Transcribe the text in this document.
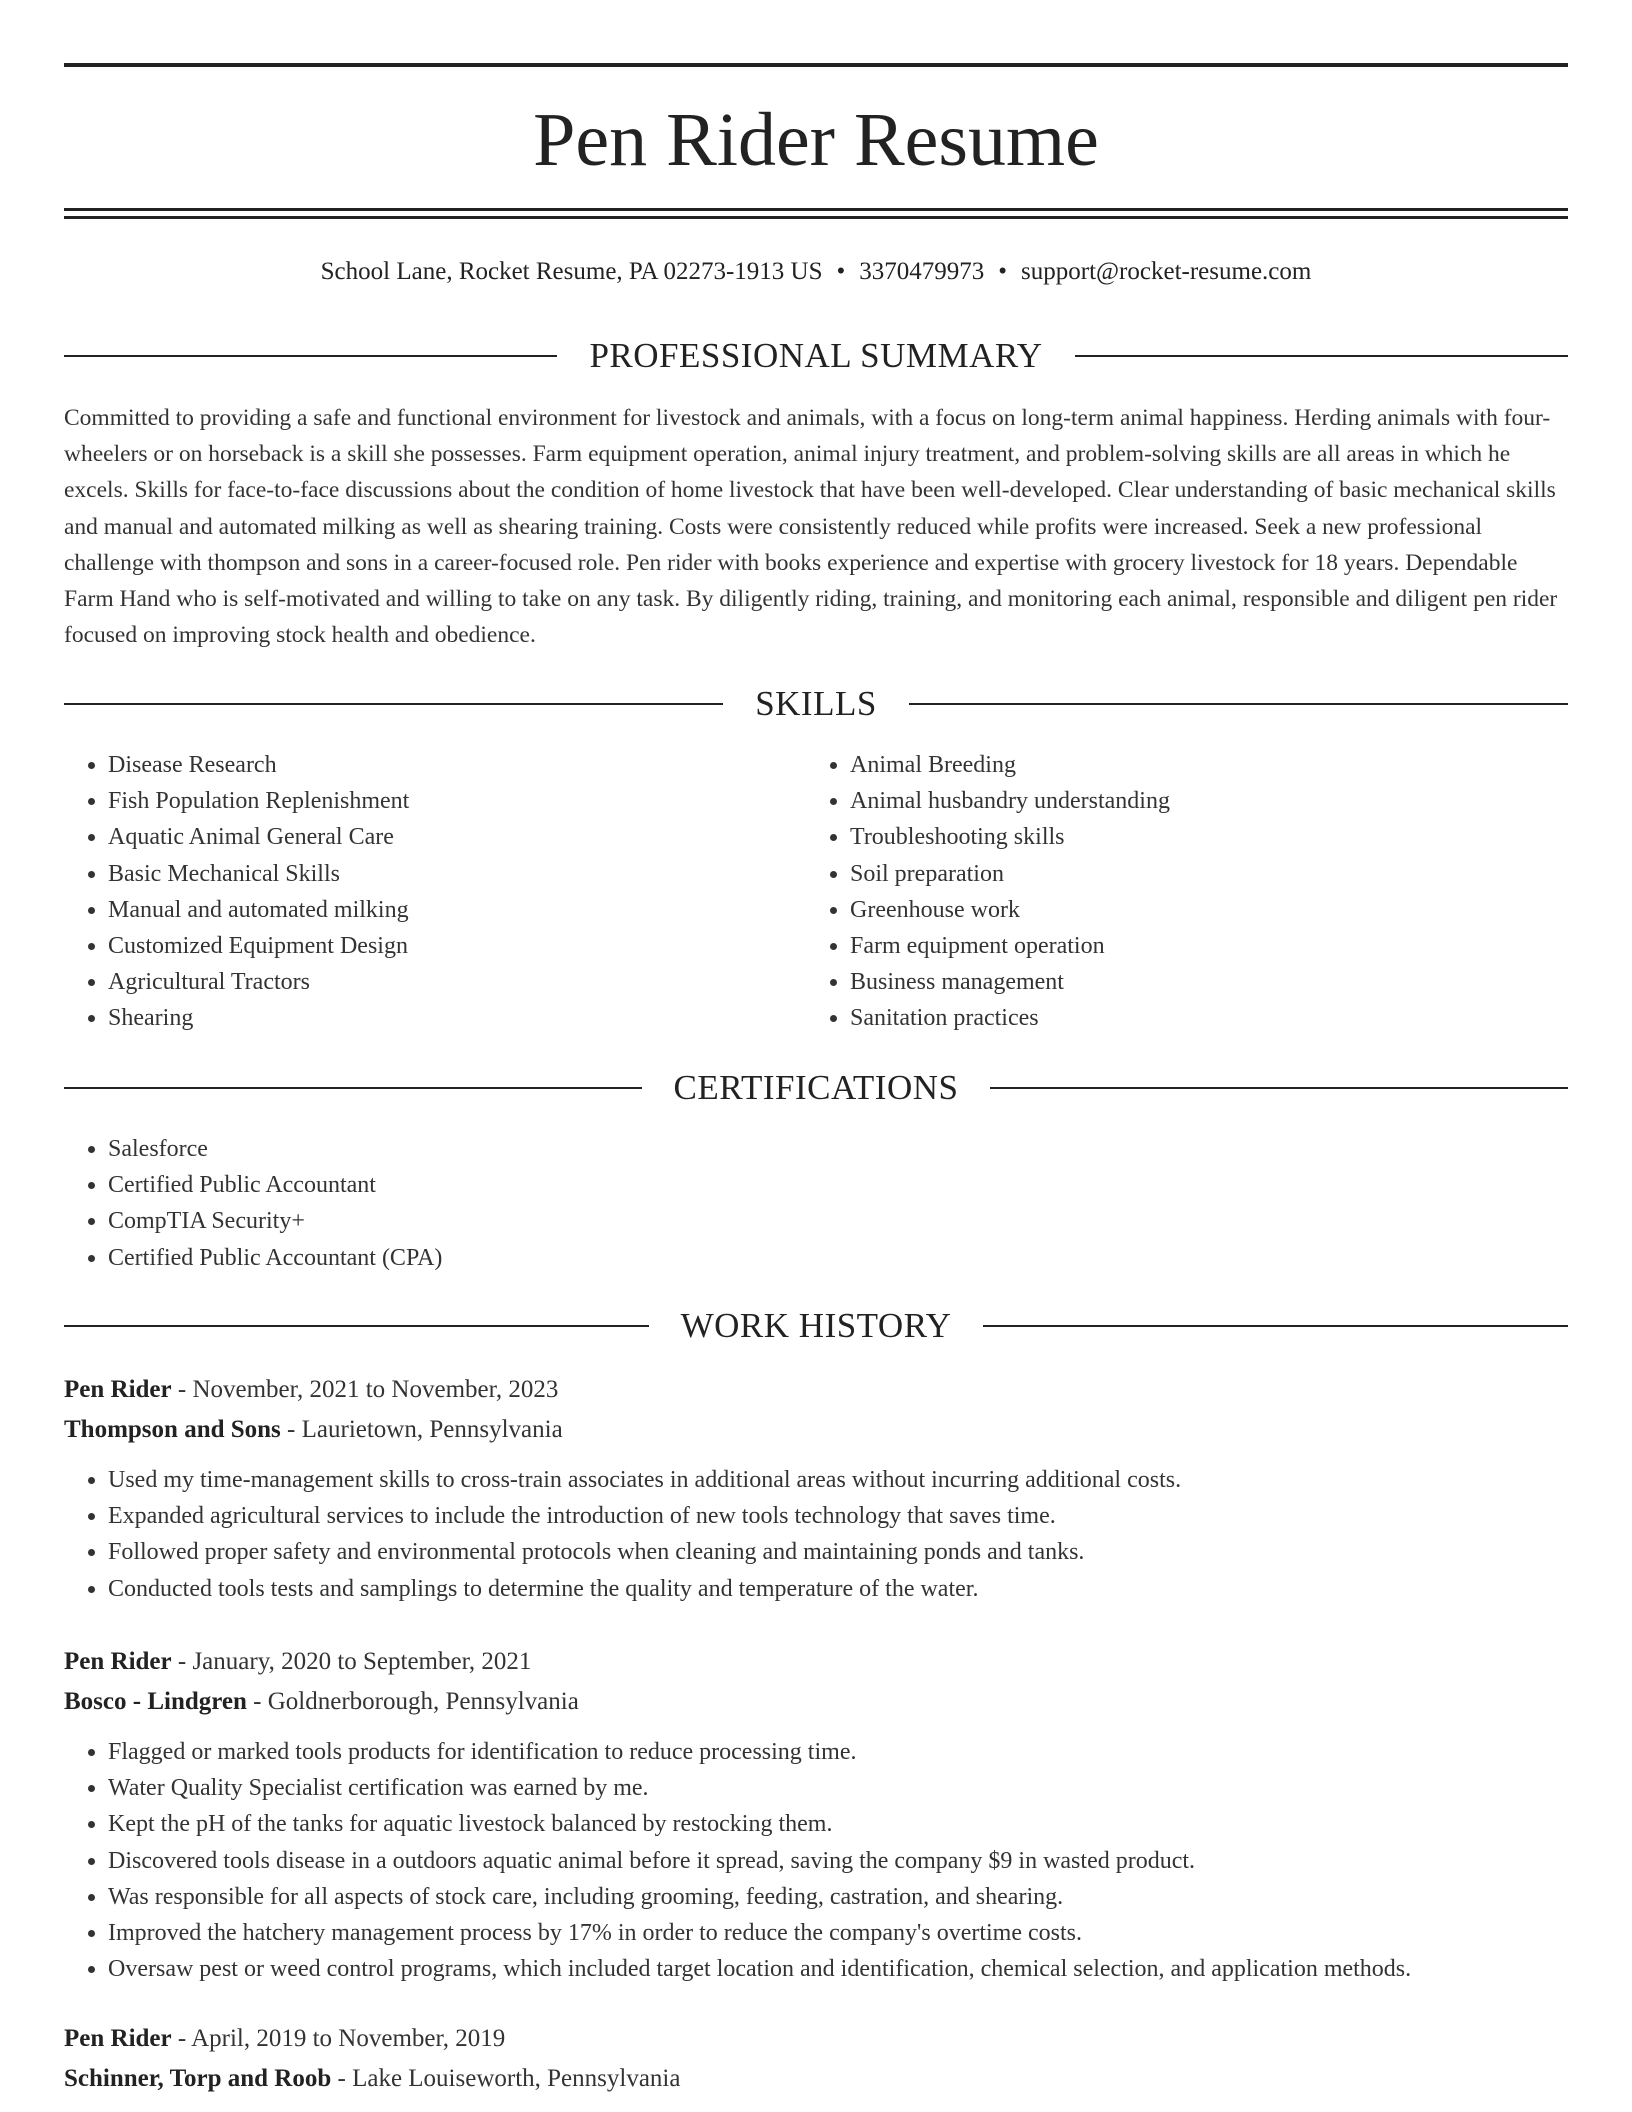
Pen Rider Resume
School Lane, Rocket Resume, PA 02273-1913 US • 3370479973 • support@rocket-resume.com
PROFESSIONAL SUMMARY

Committed to providing a safe and functional environment for livestock and animals, with a focus on long-term animal happiness. Herding animals with four-wheelers or on horseback is a skill she possesses. Farm equipment operation, animal injury treatment, and problem-solving skills are all areas in which he excels. Skills for face-to-face discussions about the condition of home livestock that have been well-developed. Clear understanding of basic mechanical skills and manual and automated milking as well as shearing training. Costs were consistently reduced while profits were increased. Seek a new professional challenge with thompson and sons in a career-focused role. Pen rider with books experience and expertise with grocery livestock for 18 years. Dependable Farm Hand who is self-motivated and willing to take on any task. By diligently riding, training, and monitoring each animal, responsible and diligent pen rider focused on improving stock health and obedience.

SKILLS
• Disease Research
• Fish Population Replenishment
• Aquatic Animal General Care
• Basic Mechanical Skills
• Manual and automated milking
• Customized Equipment Design
• Agricultural Tractors
• Shearing
• Animal Breeding
• Animal husbandry understanding
• Troubleshooting skills
• Soil preparation
• Greenhouse work
• Farm equipment operation
• Business management
• Sanitation practices
CERTIFICATIONS
• Salesforce
• Certified Public Accountant
• CompTIA Security+
• Certified Public Accountant (CPA)
WORK HISTORY
Pen Rider - November, 2021 to November, 2023
Thompson and Sons - Laurietown, Pennsylvania
• Used my time-management skills to cross-train associates in additional areas without incurring additional costs.
• Expanded agricultural services to include the introduction of new tools technology that saves time.
• Followed proper safety and environmental protocols when cleaning and maintaining ponds and tanks.
• Conducted tools tests and samplings to determine the quality and temperature of the water.
Pen Rider - January, 2020 to September, 2021
Bosco - Lindgren - Goldnerborough, Pennsylvania
• Flagged or marked tools products for identification to reduce processing time.
• Water Quality Specialist certification was earned by me.
• Kept the pH of the tanks for aquatic livestock balanced by restocking them.
• Discovered tools disease in a outdoors aquatic animal before it spread, saving the company $9 in wasted product.
• Was responsible for all aspects of stock care, including grooming, feeding, castration, and shearing.
• Improved the hatchery management process by 17% in order to reduce the company's overtime costs.
• Oversaw pest or weed control programs, which included target location and identification, chemical selection, and application methods.
Pen Rider - April, 2019 to November, 2019
Schinner, Torp and Roob - Lake Louiseworth, Pennsylvania
